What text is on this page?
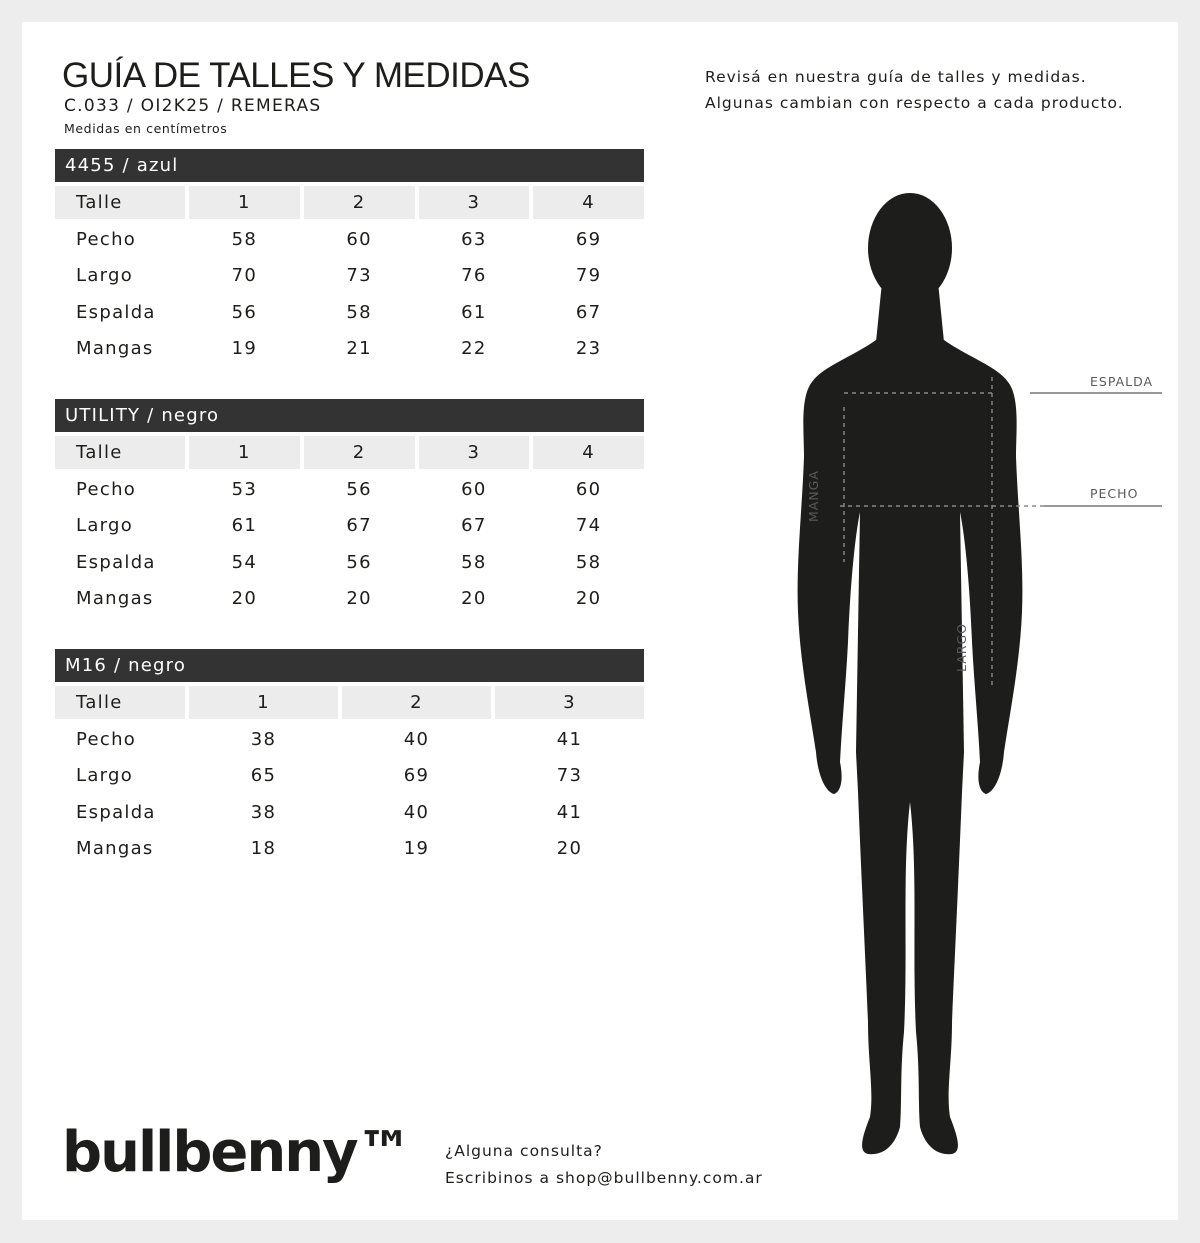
GUÍA DE TALLES Y MEDIDAS
C.033 / OI2K25 / REMERAS
Medidas en centímetros
Revisá en nuestra guía de talles y medidas.
Algunas cambian con respecto a cada producto.
4455 / azul
Talle	1	2	3	4
Pecho	58	60	63	69
Largo	70	73	76	79
Espalda	56	58	61	67
Mangas	19	21	22	23
UTILITY / negro
Talle	1	2	3	4
Pecho	53	56	60	60
Largo	61	67	67	74
Espalda	54	56	58	58
Mangas	20	20	20	20
M16 / negro
Talle	1	2	3
Pecho	38	40	41
Largo	65	69	73
Espalda	38	40	41
Mangas	18	19	20
ESPALDA
PECHO
MANGA
LARGO
bullbenny™ ¿Alguna consulta?
Escribinos a shop@bullbenny.com.ar
